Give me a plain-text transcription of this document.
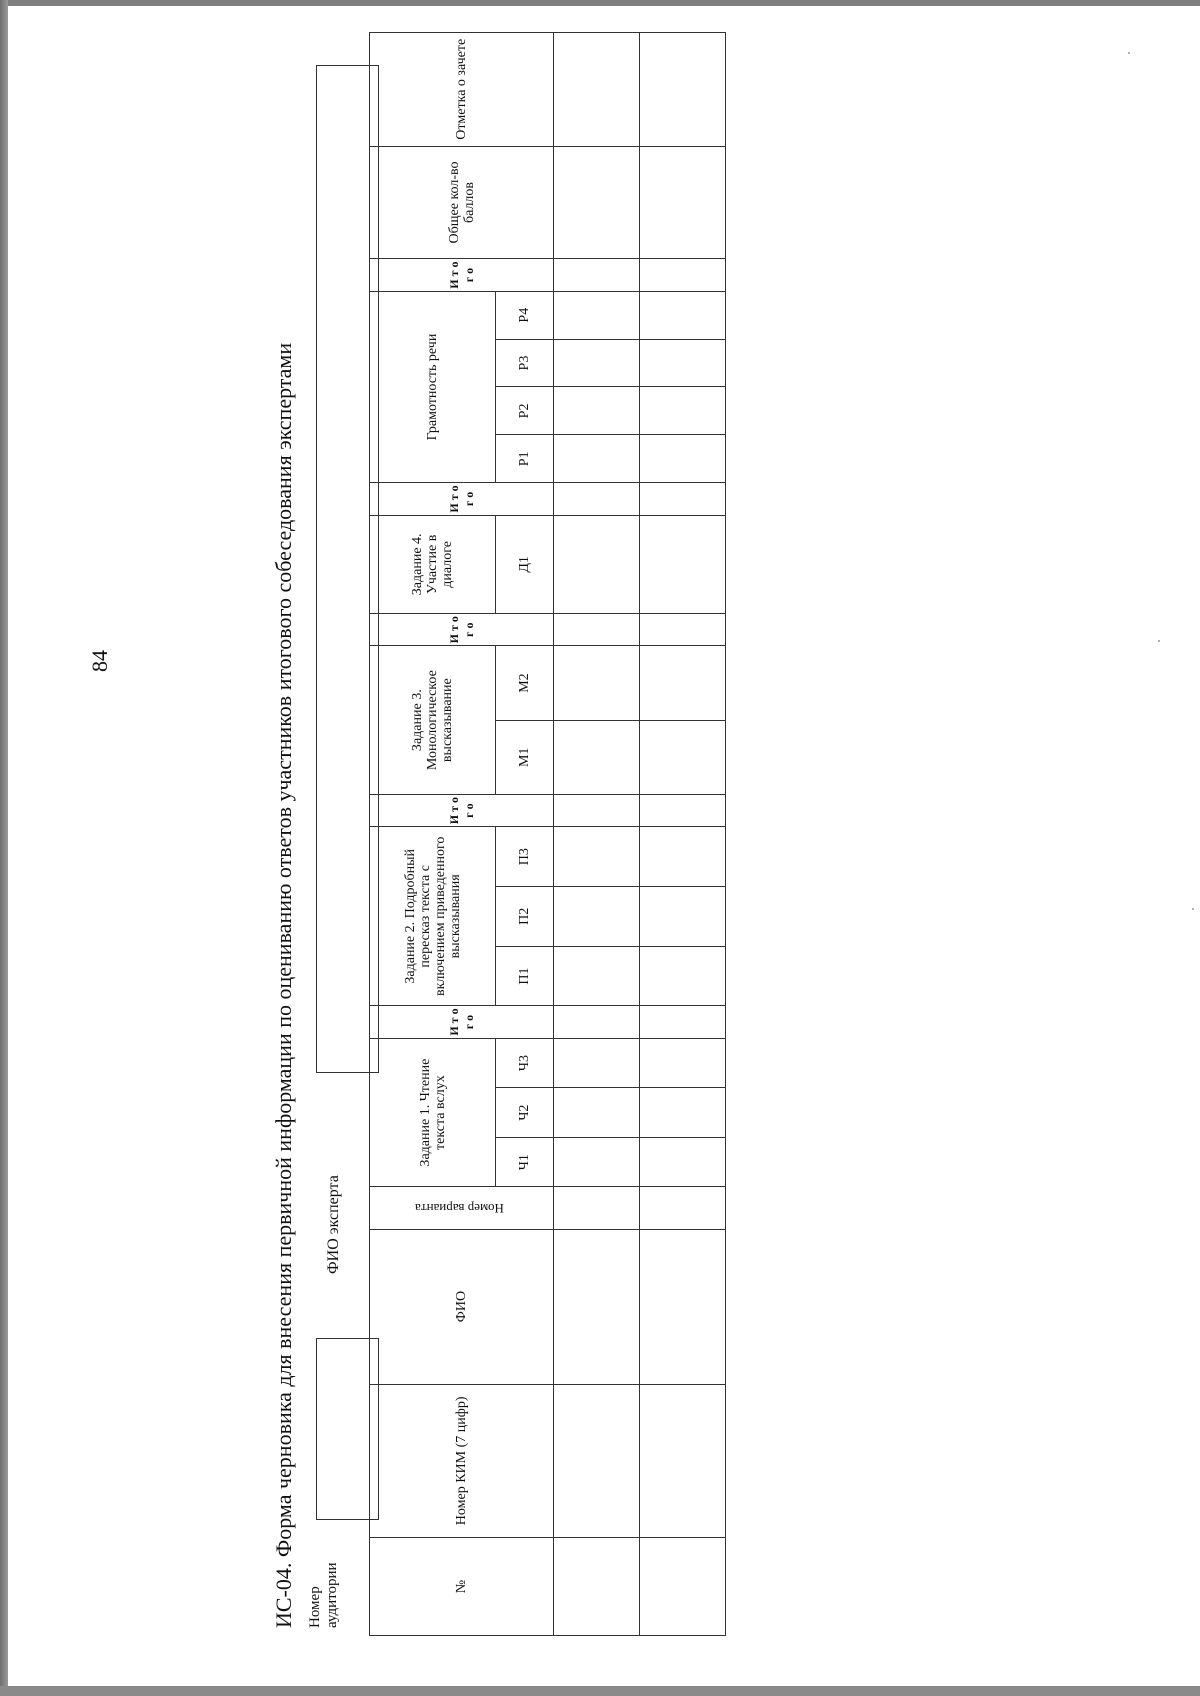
84	ИС-04. Форма черновика для внесения первичной информации по оцениванию ответов участников итогового собеседования экспертами Номер аудитории
ФИО эксперта
№	Номер КИМ (7 цифр)	ФИО	Номер варианта	Задание 1. Чтение текста вслух			И т о г о	Задание 2. Подробный пересказ текста с включением приведенного высказывания			И т о г о	Задание 3. Монологическое высказывание		И т о г о	Задание 4. Участие в диалоге	И т о г о	Грамотность речи				И т о г о	Общее кол-во баллов	Отметка о зачете
				Ч1	Ч2	Ч3		П1	П2	П3		М1	М2		Д1		Р1	Р2	Р3	Р4			
